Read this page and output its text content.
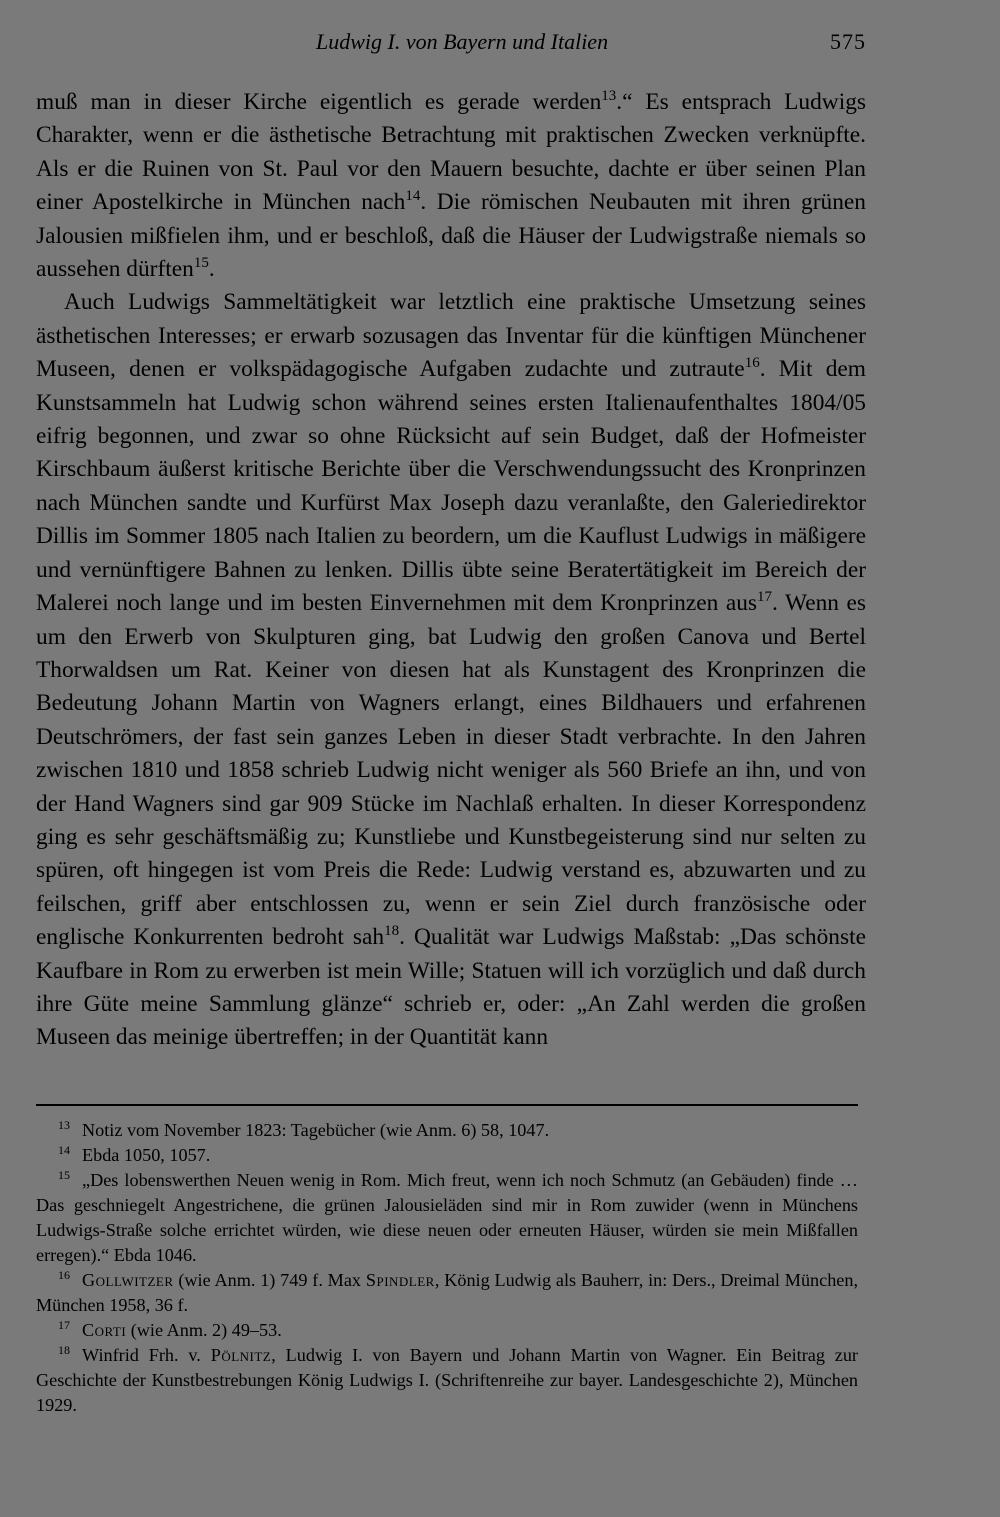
Ludwig I. von Bayern und Italien	575

muß man in dieser Kirche eigentlich es gerade werden$^{13}$.“ Es entsprach Ludwigs Charakter, wenn er die ästhetische Betrachtung mit praktischen Zwecken verknüpfte. Als er die Ruinen von St. Paul vor den Mauern besuchte, dachte er über seinen Plan einer Apostelkirche in München nach$^{14}$. Die römischen Neubauten mit ihren grünen Jalousien mißfielen ihm, und er beschloß, daß die Häuser der Ludwigstraße niemals so aussehen dürften$^{15}$.

Auch Ludwigs Sammeltätigkeit war letztlich eine praktische Umsetzung seines ästhetischen Interesses; er erwarb sozusagen das Inventar für die künftigen Münchener Museen, denen er volkspädagogische Aufgaben zudachte und zutraute$^{16}$. Mit dem Kunstsammeln hat Ludwig schon während seines ersten Italienaufenthaltes 1804/05 eifrig begonnen, und zwar so ohne Rücksicht auf sein Budget, daß der Hofmeister Kirschbaum äußerst kritische Berichte über die Verschwendungssucht des Kronprinzen nach München sandte und Kurfürst Max Joseph dazu veranlaßte, den Galeriedirektor Dillis im Sommer 1805 nach Italien zu beordern, um die Kauflust Ludwigs in mäßigere und vernünftigere Bahnen zu lenken. Dillis übte seine Beratertätigkeit im Bereich der Malerei noch lange und im besten Einvernehmen mit dem Kronprinzen aus$^{17}$. Wenn es um den Erwerb von Skulpturen ging, bat Ludwig den großen Canova und Bertel Thorwaldsen um Rat. Keiner von diesen hat als Kunstagent des Kronprinzen die Bedeutung Johann Martin von Wagners erlangt, eines Bildhauers und erfahrenen Deutschrömers, der fast sein ganzes Leben in dieser Stadt verbrachte. In den Jahren zwischen 1810 und 1858 schrieb Ludwig nicht weniger als 560 Briefe an ihn, und von der Hand Wagners sind gar 909 Stücke im Nachlaß erhalten. In dieser Korrespondenz ging es sehr geschäftsmäßig zu; Kunstliebe und Kunstbegeisterung sind nur selten zu spüren, oft hingegen ist vom Preis die Rede: Ludwig verstand es, abzuwarten und zu feilschen, griff aber entschlossen zu, wenn er sein Ziel durch französische oder englische Konkurrenten bedroht sah$^{18}$. Qualität war Ludwigs Maßstab: „Das schönste Kaufbare in Rom zu erwerben ist mein Wille; Statuen will ich vorzüglich und daß durch ihre Güte meine Sammlung glänze“ schrieb er, oder: „An Zahl werden die großen Museen das meinige übertreffen; in der Quantität kann

$^{13}$ Notiz vom November 1823: Tagebücher (wie Anm. 6) 58, 1047.

$^{14}$ Ebda 1050, 1057.

$^{15}$ „Des lobenswerthen Neuen wenig in Rom. Mich freut, wenn ich noch Schmutz (an Gebäuden) finde … Das geschniegelt Angestrichene, die grünen Jalousieläden sind mir in Rom zuwider (wenn in Münchens Ludwigs-Straße solche errichtet würden, wie diese neuen oder erneuten Häuser, würden sie mein Mißfallen erregen).“ Ebda 1046.

$^{16}$ Gollwitzer (wie Anm. 1) 749 f. Max Spindler, König Ludwig als Bauherr, in: Ders., Dreimal München, München 1958, 36 f.

$^{17}$ Corti (wie Anm. 2) 49–53.

$^{18}$ Winfrid Frh. v. Pölnitz, Ludwig I. von Bayern und Johann Martin von Wagner. Ein Beitrag zur Geschichte der Kunstbestrebungen König Ludwigs I. (Schriftenreihe zur bayer. Landesgeschichte 2), München 1929.
